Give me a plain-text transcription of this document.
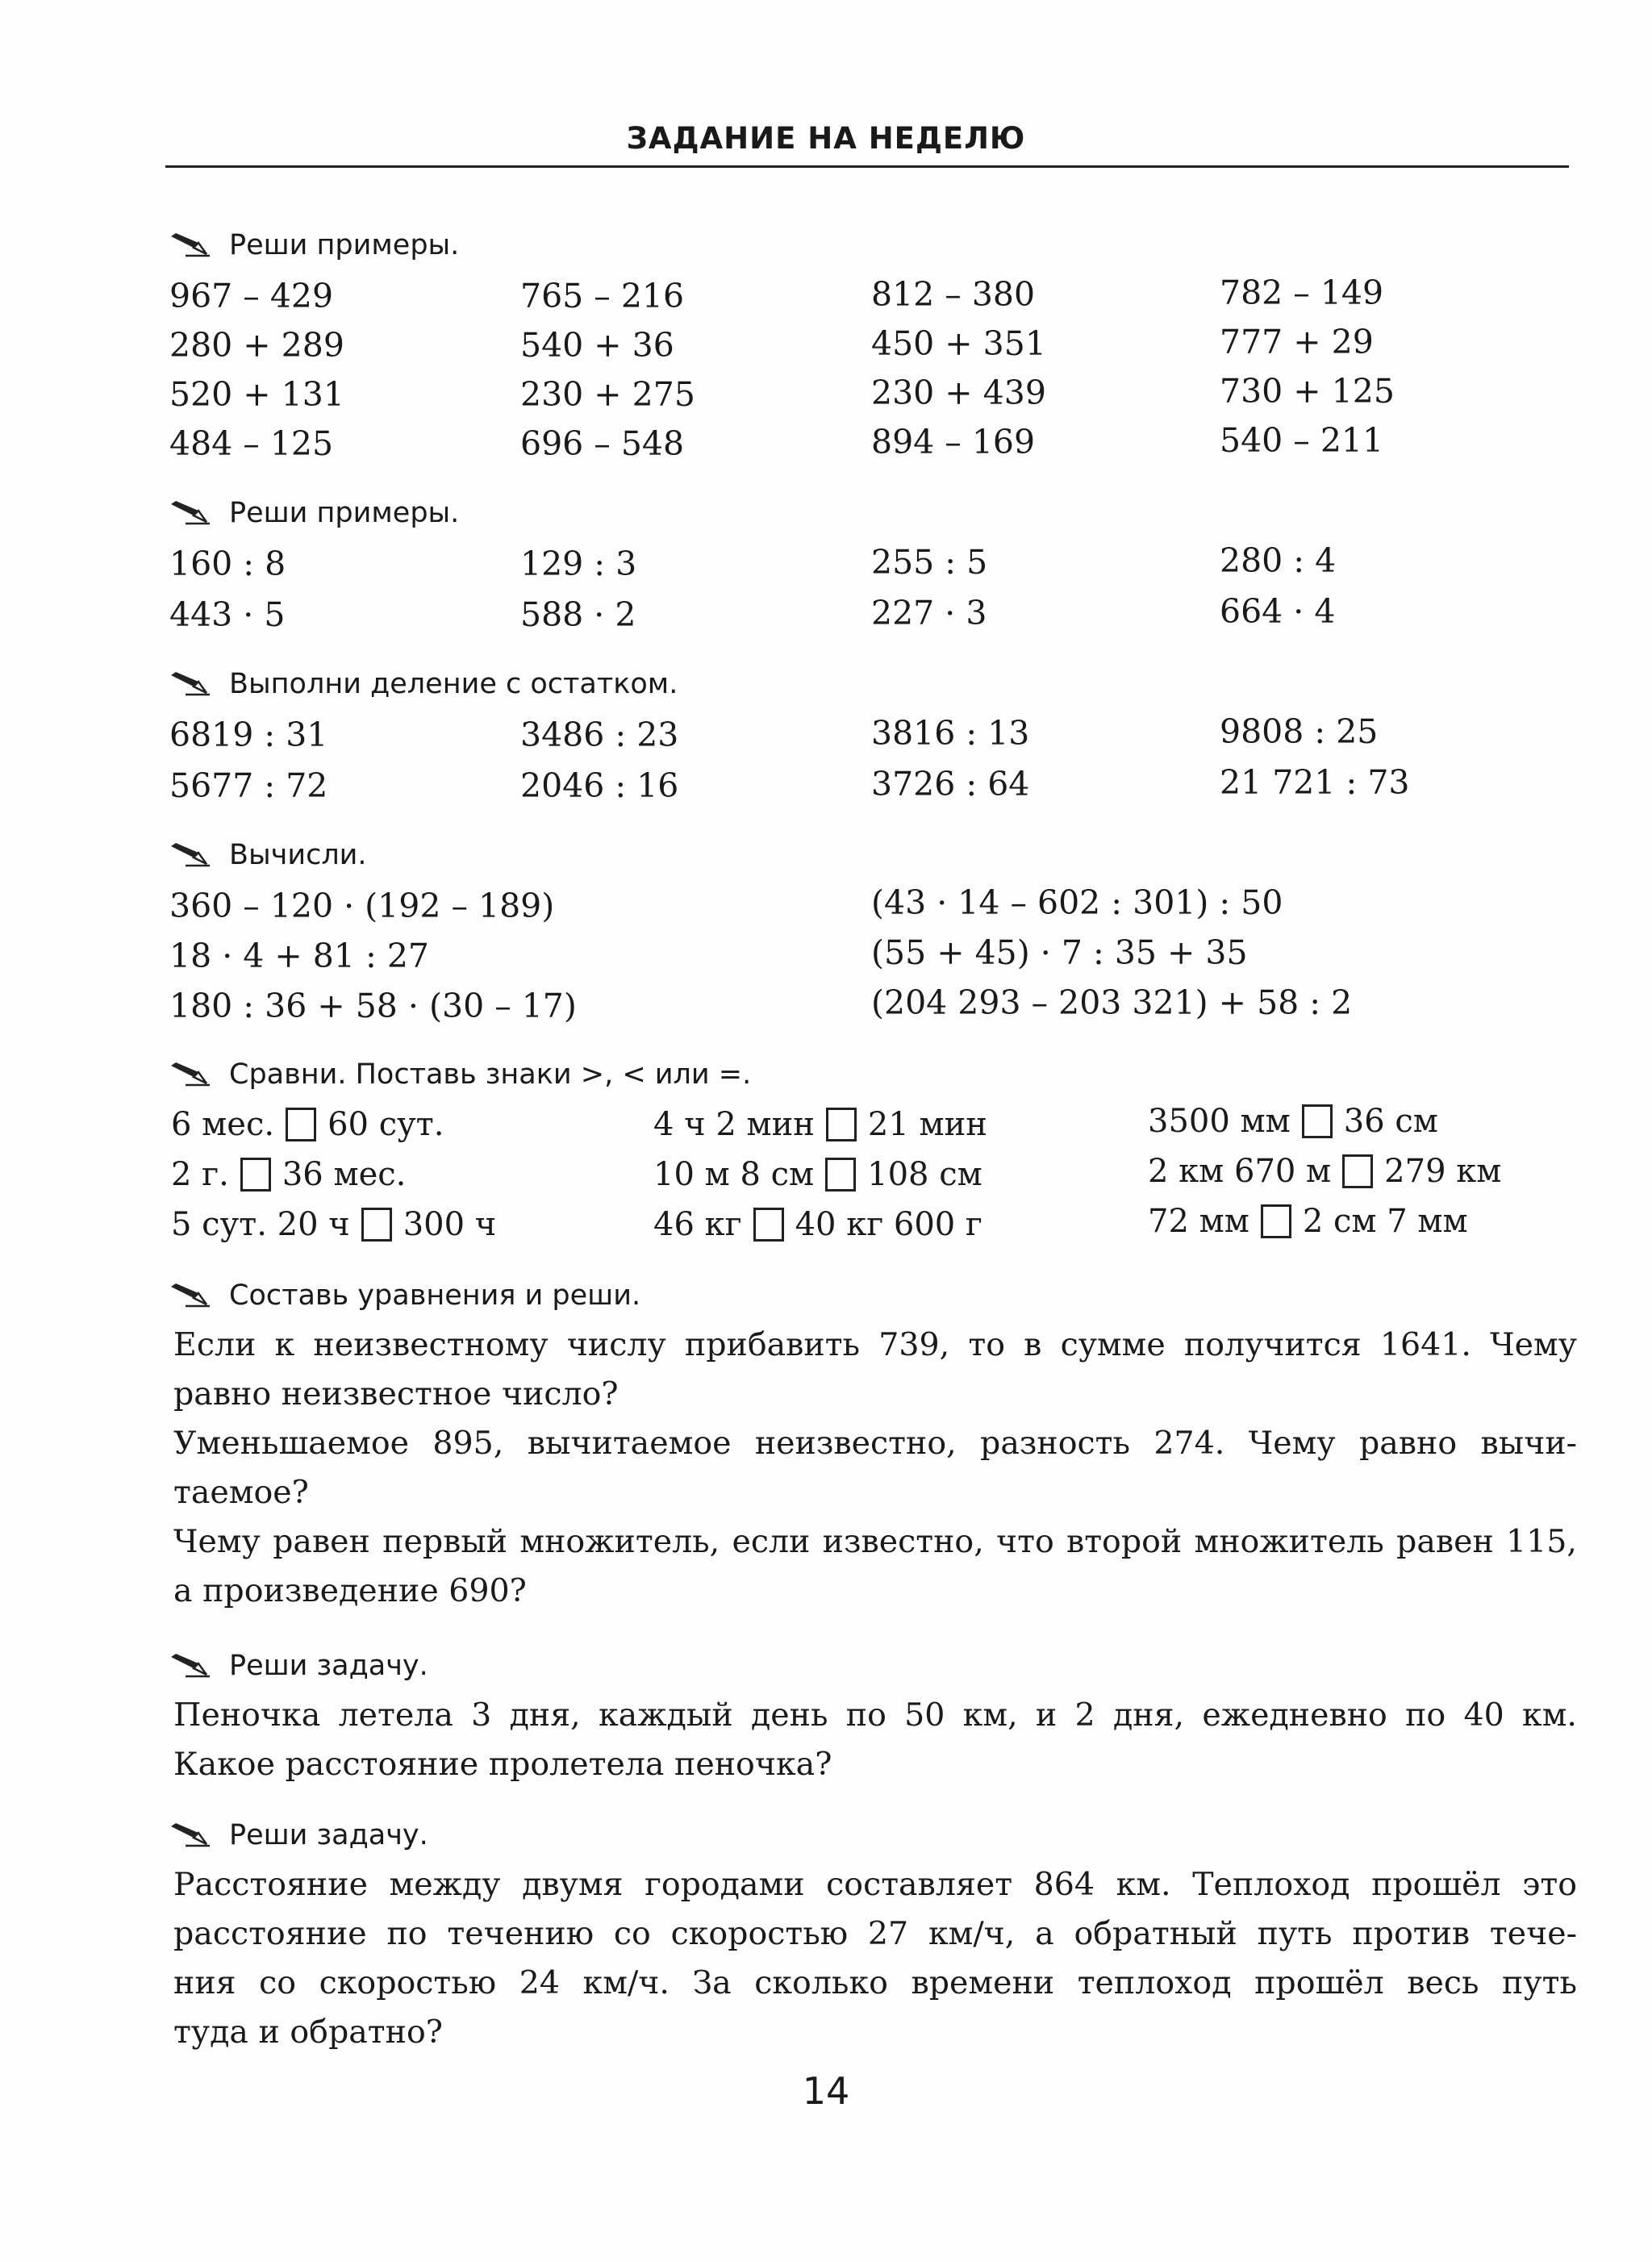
ЗАДАНИЕ НА НЕДЕЛЮ
Реши примеры.
967 – 429	765 – 216	812 – 380	782 – 149
280 + 289	540 + 36	450 + 351	777 + 29
520 + 131	230 + 275	230 + 439	730 + 125
484 – 125	696 – 548	894 – 169	540 – 211
Реши примеры.
160 : 8	129 : 3	255 : 5	280 : 4
443 · 5	588 · 2	227 · 3	664 · 4
Выполни деление с остатком.
6819 : 31	3486 : 23	3816 : 13	9808 : 25
5677 : 72	2046 : 16	3726 : 64	21 721 : 73
Вычисли.
360 – 120 · (192 – 189)	(43 · 14 – 602 : 301) : 50
18 · 4 + 81 : 27	(55 + 45) · 7 : 35 + 35
180 : 36 + 58 · (30 – 17)	(204 293 – 203 321) + 58 : 2
Сравни. Поставь знаки >, < или =.
6 мес. 60 сут.	4 ч 2 мин 21 мин	3500 мм 36 см
2 г. 36 мес.	10 м 8 см 108 см	2 км 670 м 279 км
5 сут. 20 ч 300 ч	46 кг 40 кг 600 г	72 мм 2 см 7 мм
Составь уравнения и реши.
Если к неизвестному числу прибавить 739, то в сумме получится 1641. Чему
равно неизвестное число?
Уменьшаемое 895, вычитаемое неизвестно, разность 274. Чему равно вычи-
таемое?
Чему равен первый множитель, если известно, что второй множитель равен 115,
а произведение 690?
Реши задачу.
Пеночка летела 3 дня, каждый день по 50 км, и 2 дня, ежедневно по 40 км.
Какое расстояние пролетела пеночка?
Реши задачу.
Расстояние между двумя городами составляет 864 км. Теплоход прошёл это
расстояние по течению со скоростью 27 км/ч, а обратный путь против тече-
ния со скоростью 24 км/ч. За сколько времени теплоход прошёл весь путь
туда и обратно?
14
